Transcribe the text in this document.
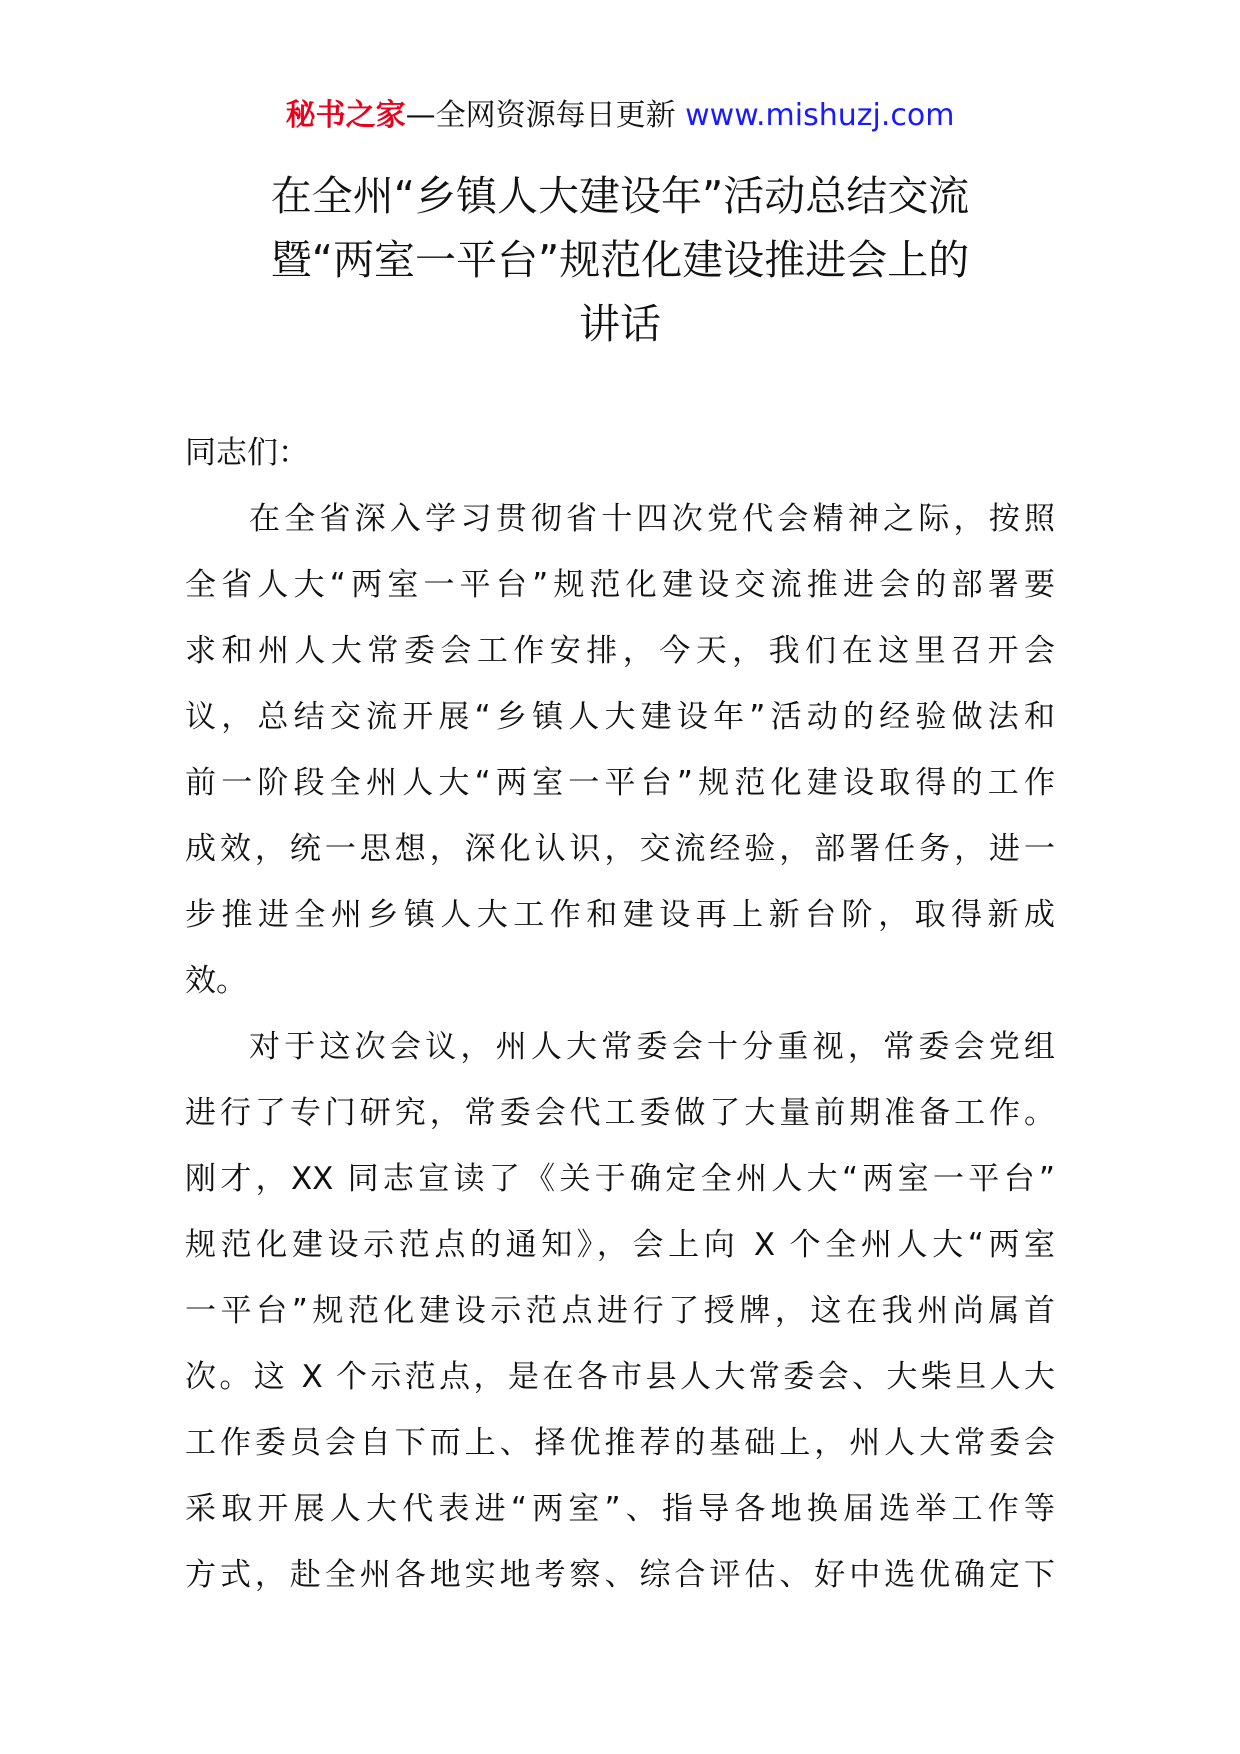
秘书之家—全网资源每日更新 www.mishuzj.com
在全州“乡镇人大建设年”活动总结交流
暨“两室一平台”规范化建设推进会上的
讲话

同志们：

在全省深入学习贯彻省十四次党代会精神之际，按照
全省人大“两室一平台”规范化建设交流推进会的部署要
求和州人大常委会工作安排，今天，我们在这里召开会
议，总结交流开展“乡镇人大建设年”活动的经验做法和
前一阶段全州人大“两室一平台”规范化建设取得的工作
成效，统一思想，深化认识，交流经验，部署任务，进一
步推进全州乡镇人大工作和建设再上新台阶，取得新成
效。
对于这次会议，州人大常委会十分重视，常委会党组
进行了专门研究，常委会代工委做了大量前期准备工作。
刚才，XX 同志宣读了《关于确定全州人大“两室一平台”
规范化建设示范点的通知》，会上向 X 个全州人大“两室
一平台”规范化建设示范点进行了授牌，这在我州尚属首
次。这 X 个示范点，是在各市县人大常委会、大柴旦人大
工作委员会自下而上、择优推荐的基础上，州人大常委会
采取开展人大代表进“两室”、指导各地换届选举工作等
方式，赴全州各地实地考察、综合评估、好中选优确定下
